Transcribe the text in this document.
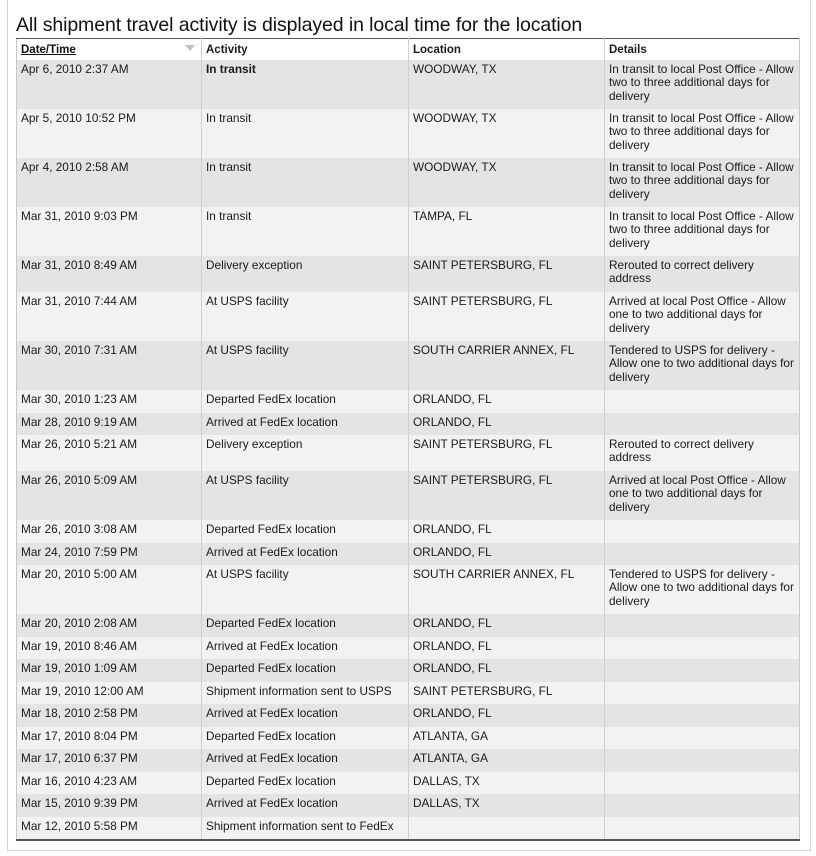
All shipment travel activity is displayed in local time for the location
Date/Time	Activity	Location	Details
Apr 6, 2010 2:37 AM	In transit	WOODWAY, TX	In transit to local Post Office - Allow two to three additional days for delivery
Apr 5, 2010 10:52 PM	In transit	WOODWAY, TX	In transit to local Post Office - Allow two to three additional days for delivery
Apr 4, 2010 2:58 AM	In transit	WOODWAY, TX	In transit to local Post Office - Allow two to three additional days for delivery
Mar 31, 2010 9:03 PM	In transit	TAMPA, FL	In transit to local Post Office - Allow two to three additional days for delivery
Mar 31, 2010 8:49 AM	Delivery exception	SAINT PETERSBURG, FL	Rerouted to correct delivery address
Mar 31, 2010 7:44 AM	At USPS facility	SAINT PETERSBURG, FL	Arrived at local Post Office - Allow one to two additional days for delivery
Mar 30, 2010 7:31 AM	At USPS facility	SOUTH CARRIER ANNEX, FL	Tendered to USPS for delivery - Allow one to two additional days for delivery
Mar 30, 2010 1:23 AM	Departed FedEx location	ORLANDO, FL	
Mar 28, 2010 9:19 AM	Arrived at FedEx location	ORLANDO, FL	
Mar 26, 2010 5:21 AM	Delivery exception	SAINT PETERSBURG, FL	Rerouted to correct delivery address
Mar 26, 2010 5:09 AM	At USPS facility	SAINT PETERSBURG, FL	Arrived at local Post Office - Allow one to two additional days for delivery
Mar 26, 2010 3:08 AM	Departed FedEx location	ORLANDO, FL	
Mar 24, 2010 7:59 PM	Arrived at FedEx location	ORLANDO, FL	
Mar 20, 2010 5:00 AM	At USPS facility	SOUTH CARRIER ANNEX, FL	Tendered to USPS for delivery - Allow one to two additional days for delivery
Mar 20, 2010 2:08 AM	Departed FedEx location	ORLANDO, FL	
Mar 19, 2010 8:46 AM	Arrived at FedEx location	ORLANDO, FL	
Mar 19, 2010 1:09 AM	Departed FedEx location	ORLANDO, FL	
Mar 19, 2010 12:00 AM	Shipment information sent to USPS	SAINT PETERSBURG, FL	
Mar 18, 2010 2:58 PM	Arrived at FedEx location	ORLANDO, FL	
Mar 17, 2010 8:04 PM	Departed FedEx location	ATLANTA, GA	
Mar 17, 2010 6:37 PM	Arrived at FedEx location	ATLANTA, GA	
Mar 16, 2010 4:23 AM	Departed FedEx location	DALLAS, TX	
Mar 15, 2010 9:39 PM	Arrived at FedEx location	DALLAS, TX	
Mar 12, 2010 5:58 PM	Shipment information sent to FedEx		
